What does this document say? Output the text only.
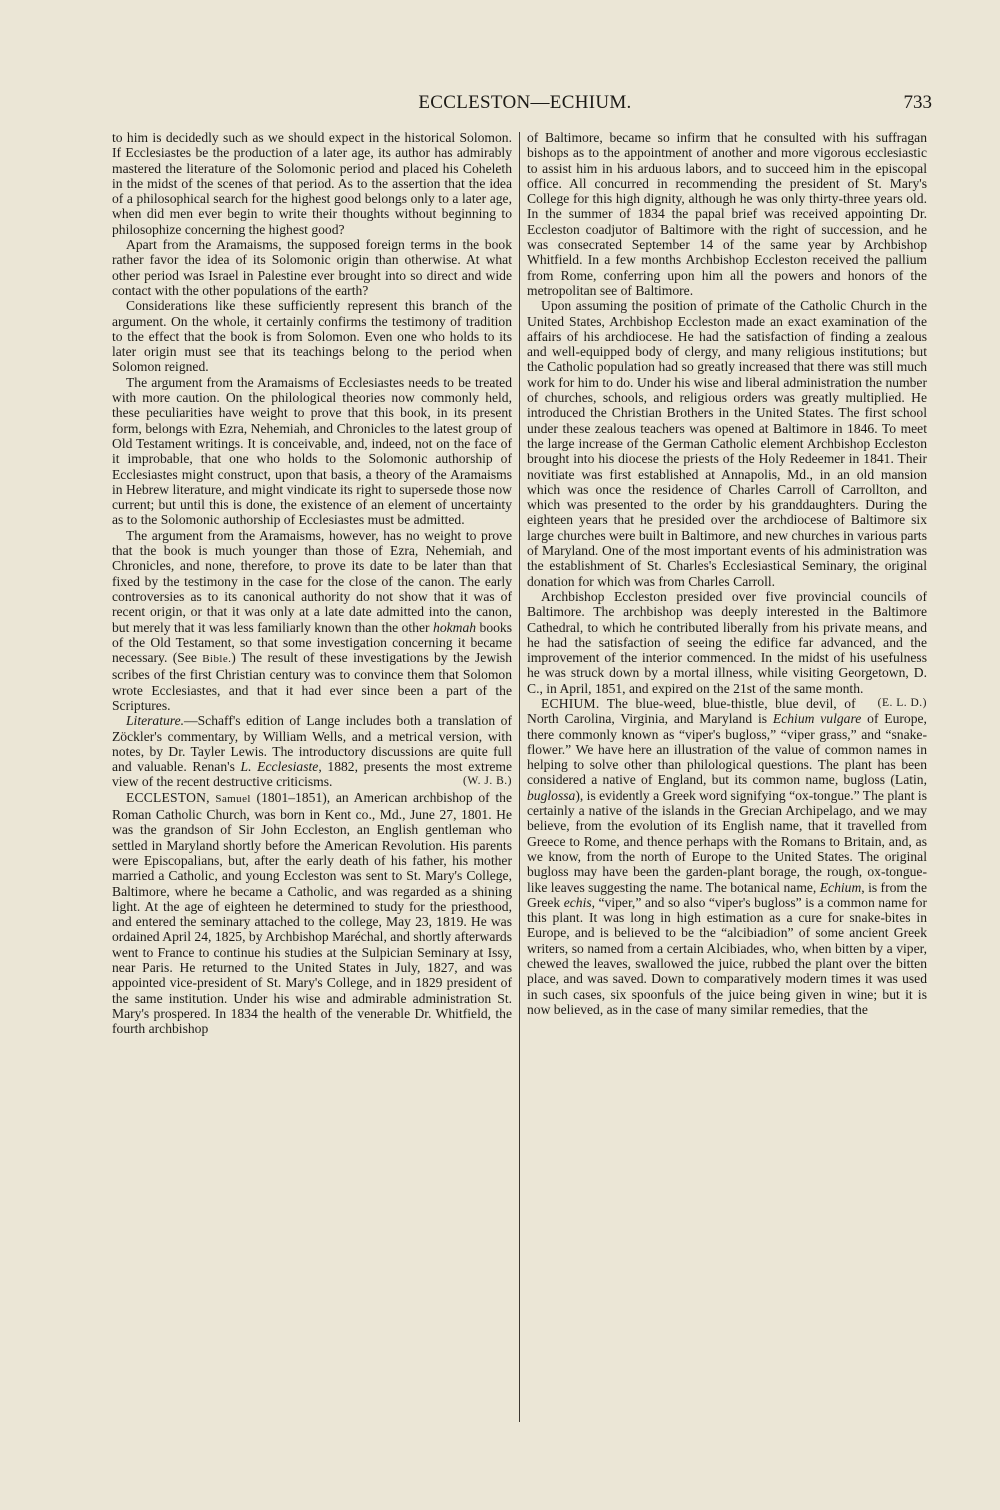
ECCLESTON—ECHIUM.	733

to him is decidedly such as we should expect in the historical Solomon. If Ecclesiastes be the production of a later age, its author has admirably mastered the literature of the Solomonic period and placed his Coheleth in the midst of the scenes of that period. As to the assertion that the idea of a philosophical search for the highest good belongs only to a later age, when did men ever begin to write their thoughts without beginning to philosophize concerning the highest good?

Apart from the Aramaisms, the supposed foreign terms in the book rather favor the idea of its Solomonic origin than otherwise. At what other period was Israel in Palestine ever brought into so direct and wide contact with the other populations of the earth?

Considerations like these sufficiently represent this branch of the argument. On the whole, it certainly confirms the testimony of tradition to the effect that the book is from Solomon. Even one who holds to its later origin must see that its teachings belong to the period when Solomon reigned.

The argument from the Aramaisms of Ecclesiastes needs to be treated with more caution. On the philological theories now commonly held, these peculiarities have weight to prove that this book, in its present form, belongs with Ezra, Nehemiah, and Chronicles to the latest group of Old Testament writings. It is conceivable, and, indeed, not on the face of it improbable, that one who holds to the Solomonic authorship of Ecclesiastes might construct, upon that basis, a theory of the Aramaisms in Hebrew literature, and might vindicate its right to supersede those now current; but until this is done, the existence of an element of uncertainty as to the Solomonic authorship of Ecclesiastes must be admitted.

The argument from the Aramaisms, however, has no weight to prove that the book is much younger than those of Ezra, Nehemiah, and Chronicles, and none, therefore, to prove its date to be later than that fixed by the testimony in the case for the close of the canon. The early controversies as to its canonical authority do not show that it was of recent origin, or that it was only at a late date admitted into the canon, but merely that it was less familiarly known than the other hokmah books of the Old Testament, so that some investigation concerning it became necessary. (See Bible.) The result of these investigations by the Jewish scribes of the first Christian century was to convince them that Solomon wrote Ecclesiastes, and that it had ever since been a part of the Scriptures.

Literature.—Schaff's edition of Lange includes both a translation of Zöckler's commentary, by William Wells, and a metrical version, with notes, by Dr. Tayler Lewis. The introductory discussions are quite full and valuable. Renan's L. Ecclesiaste, 1882, presents the most extreme view of the recent destructive criticisms.	(W. J. B.)

ECCLESTON, Samuel (1801–1851), an American archbishop of the Roman Catholic Church, was born in Kent co., Md., June 27, 1801. He was the grandson of Sir John Eccleston, an English gentleman who settled in Maryland shortly before the American Revolution. His parents were Episcopalians, but, after the early death of his father, his mother married a Catholic, and young Eccleston was sent to St. Mary's College, Baltimore, where he became a Catholic, and was regarded as a shining light. At the age of eighteen he determined to study for the priesthood, and entered the seminary attached to the college, May 23, 1819. He was ordained April 24, 1825, by Archbishop Maréchal, and shortly afterwards went to France to continue his studies at the Sulpician Seminary at Issy, near Paris. He returned to the United States in July, 1827, and was appointed vice-president of St. Mary's College, and in 1829 president of the same institution. Under his wise and admirable administration St. Mary's prospered. In 1834 the health of the venerable Dr. Whitfield, the fourth archbishop

of Baltimore, became so infirm that he consulted with his suffragan bishops as to the appointment of another and more vigorous ecclesiastic to assist him in his arduous labors, and to succeed him in the episcopal office. All concurred in recommending the president of St. Mary's College for this high dignity, although he was only thirty-three years old. In the summer of 1834 the papal brief was received appointing Dr. Eccleston coadjutor of Baltimore with the right of succession, and he was consecrated September 14 of the same year by Archbishop Whitfield. In a few months Archbishop Eccleston received the pallium from Rome, conferring upon him all the powers and honors of the metropolitan see of Baltimore.

Upon assuming the position of primate of the Catholic Church in the United States, Archbishop Eccleston made an exact examination of the affairs of his archdiocese. He had the satisfaction of finding a zealous and well-equipped body of clergy, and many religious institutions; but the Catholic population had so greatly increased that there was still much work for him to do. Under his wise and liberal administration the number of churches, schools, and religious orders was greatly multiplied. He introduced the Christian Brothers in the United States. The first school under these zealous teachers was opened at Baltimore in 1846. To meet the large increase of the German Catholic element Archbishop Eccleston brought into his diocese the priests of the Holy Redeemer in 1841. Their novitiate was first established at Annapolis, Md., in an old mansion which was once the residence of Charles Carroll of Carrollton, and which was presented to the order by his granddaughters. During the eighteen years that he presided over the archdiocese of Baltimore six large churches were built in Baltimore, and new churches in various parts of Maryland. One of the most important events of his administration was the establishment of St. Charles's Ecclesiastical Seminary, the original donation for which was from Charles Carroll.

Archbishop Eccleston presided over five provincial councils of Baltimore. The archbishop was deeply interested in the Baltimore Cathedral, to which he contributed liberally from his private means, and he had the satisfaction of seeing the edifice far advanced, and the improvement of the interior commenced. In the midst of his usefulness he was struck down by a mortal illness, while visiting Georgetown, D. C., in April, 1851, and expired on the 21st of the same month.
(E. L. D.)

ECHIUM. The blue-weed, blue-thistle, blue devil, of North Carolina, Virginia, and Maryland is Echium vulgare of Europe, there commonly known as “viper's bugloss,” “viper grass,” and “snake-flower.” We have here an illustration of the value of common names in helping to solve other than philological questions. The plant has been considered a native of England, but its common name, bugloss (Latin, buglossa), is evidently a Greek word signifying “ox-tongue.” The plant is certainly a native of the islands in the Grecian Archipelago, and we may believe, from the evolution of its English name, that it travelled from Greece to Rome, and thence perhaps with the Romans to Britain, and, as we know, from the north of Europe to the United States. The original bugloss may have been the garden-plant borage, the rough, ox-tongue-like leaves suggesting the name. The botanical name, Echium, is from the Greek echis, “viper,” and so also “viper's bugloss” is a common name for this plant. It was long in high estimation as a cure for snake-bites in Europe, and is believed to be the “alcibiadion” of some ancient Greek writers, so named from a certain Alcibiades, who, when bitten by a viper, chewed the leaves, swallowed the juice, rubbed the plant over the bitten place, and was saved. Down to comparatively modern times it was used in such cases, six spoonfuls of the juice being given in wine; but it is now believed, as in the case of many similar remedies, that the
